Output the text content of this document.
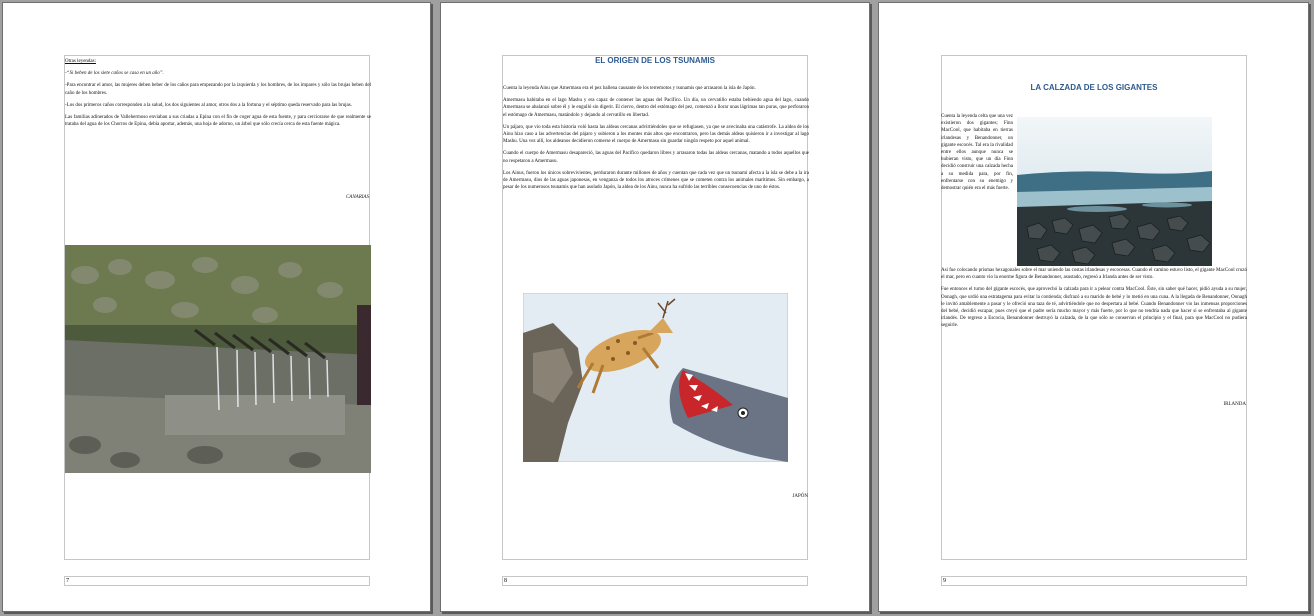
Otras leyendas:

-“Si beben de los siete caños se casa en un año”.

-Para encontrar el amor, las mujeres deben beber de los caños para empezando por la izquierda y los hombres, de los impares y sólo las brujas beben del caño de los hombres.

-Los dos primeros caños corresponden a la salud, los dos siguientes al amor, otros dos a la fortuna y el séptimo queda reservado para las brujas.

Las familias adinerados de Vallehermoso enviaban a sus criadas a Epina con el fin de coger agua de esta fuente, y para cerciorarse de que realmente se trataba del agua de los Chorros de Epina, debía aportar, además, una hoja de adorno, un árbol que sólo crecía cerca de esta fuente mágica.

CANARIAS
7
EL ORIGEN DE LOS TSUNAMIS

Cuenta la leyenda Ainu que Amermasu era el pez ballena causante de los terremotos y tsunamis que arrasaron la isla de Japón.

Amermasu habitaba en el lago Mashu y era capaz de contener las aguas del Pacífico. Un día, un cervatillo estaba bebiendo agua del lago, cuando Amermasu se abalanzó sobre él y le engulló sin digerir. El ciervo, dentro del estómago del pez, comenzó a llorar unas lágrimas tan puras, que perforaron el estómago de Amermasu, matándolo y dejando al cervatillo en libertad.

Un pájaro, que vio toda esta historia voló hasta las aldeas cercanas advirtiéndoles que se refugiasen, ya que se avecinaba una catástrofe. La aldea de los Ainu hizo caso a las advertencias del pájaro y subieron a los montes más altos que encontraron, pero las demás aldeas quisieron ir a investigar al lago Mashu. Una vez allí, los aldeanos decidieron comerse el cuerpo de Amermasu sin guardar ningún respeto por aquel animal.

Cuando el cuerpo de Amermasu desapareció, las aguas del Pacífico quedaron libres y arrasaron todas las aldeas cercanas, matando a todos aquellos que no respetaron a Amermasu.

Los Ainus, fueron los únicos sobrevivientes, perduraron durante millones de años y cuentan que cada vez que un tsunami afecta a la isla se debe a la ira de Amermasu, dios de las aguas japonesas, en venganza de todos los atroces crímenes que se cometen contra los animales marítimos. Sin embargo, a pesar de los numerosos tsunamis que han asolado Japón, la aldea de los Ainu, nunca ha sufrido las terribles consecuencias de uno de éstos.

JAPÓN
8
LA CALZADA DE LOS GIGANTES

Cuenta la leyenda celta que una vez existieron dos gigantes; Finn MacCool, que habitaba en tierras irlandesas y Benandonner, un gigante escocés. Tal era la rivalidad entre ellos aunque nunca se hubieran visto, que un día Finn decidió construir una calzada hecha a su medida para, por fin, enfrentarse con su enemigo y demostrar quién era el más fuerte.

Así fue colocando prismas hexagonales sobre el mar uniendo las costas irlandesas y escocesas. Cuando el camino estuvo listo, el gigante MacCool cruzó el mar, pero en cuanto vio la enorme figura de Benandonner, asustado, regresó a Irlanda antes de ser visto.

Fue entonces el turno del gigante escocés, que aprovechó la calzada para ir a pelear contra MacCool. Éste, sin saber qué hacer, pidió ayuda a su mujer, Oonagh, que urdió una estratagema para evitar la contienda; disfrazó a su marido de bebé y lo metió en una cuna. A la llegada de Benandonner, Oonagh le invitó amablemente a pasar y le ofreció una taza de té, advirtiéndole que no despertara al bebé. Cuando Benandonner vio las inmensas proporciones del bebé, decidió escapar, pues creyó que el padre sería mucho mayor y más fuerte, por lo que no tendría nada que hacer si se enfrentaba al gigante irlandés. De regreso a Escocia, Benandonner destruyó la calzada, de la que sólo se conservan el principio y el final, para que MacCool no pudiera seguirle.

IRLANDA
9
